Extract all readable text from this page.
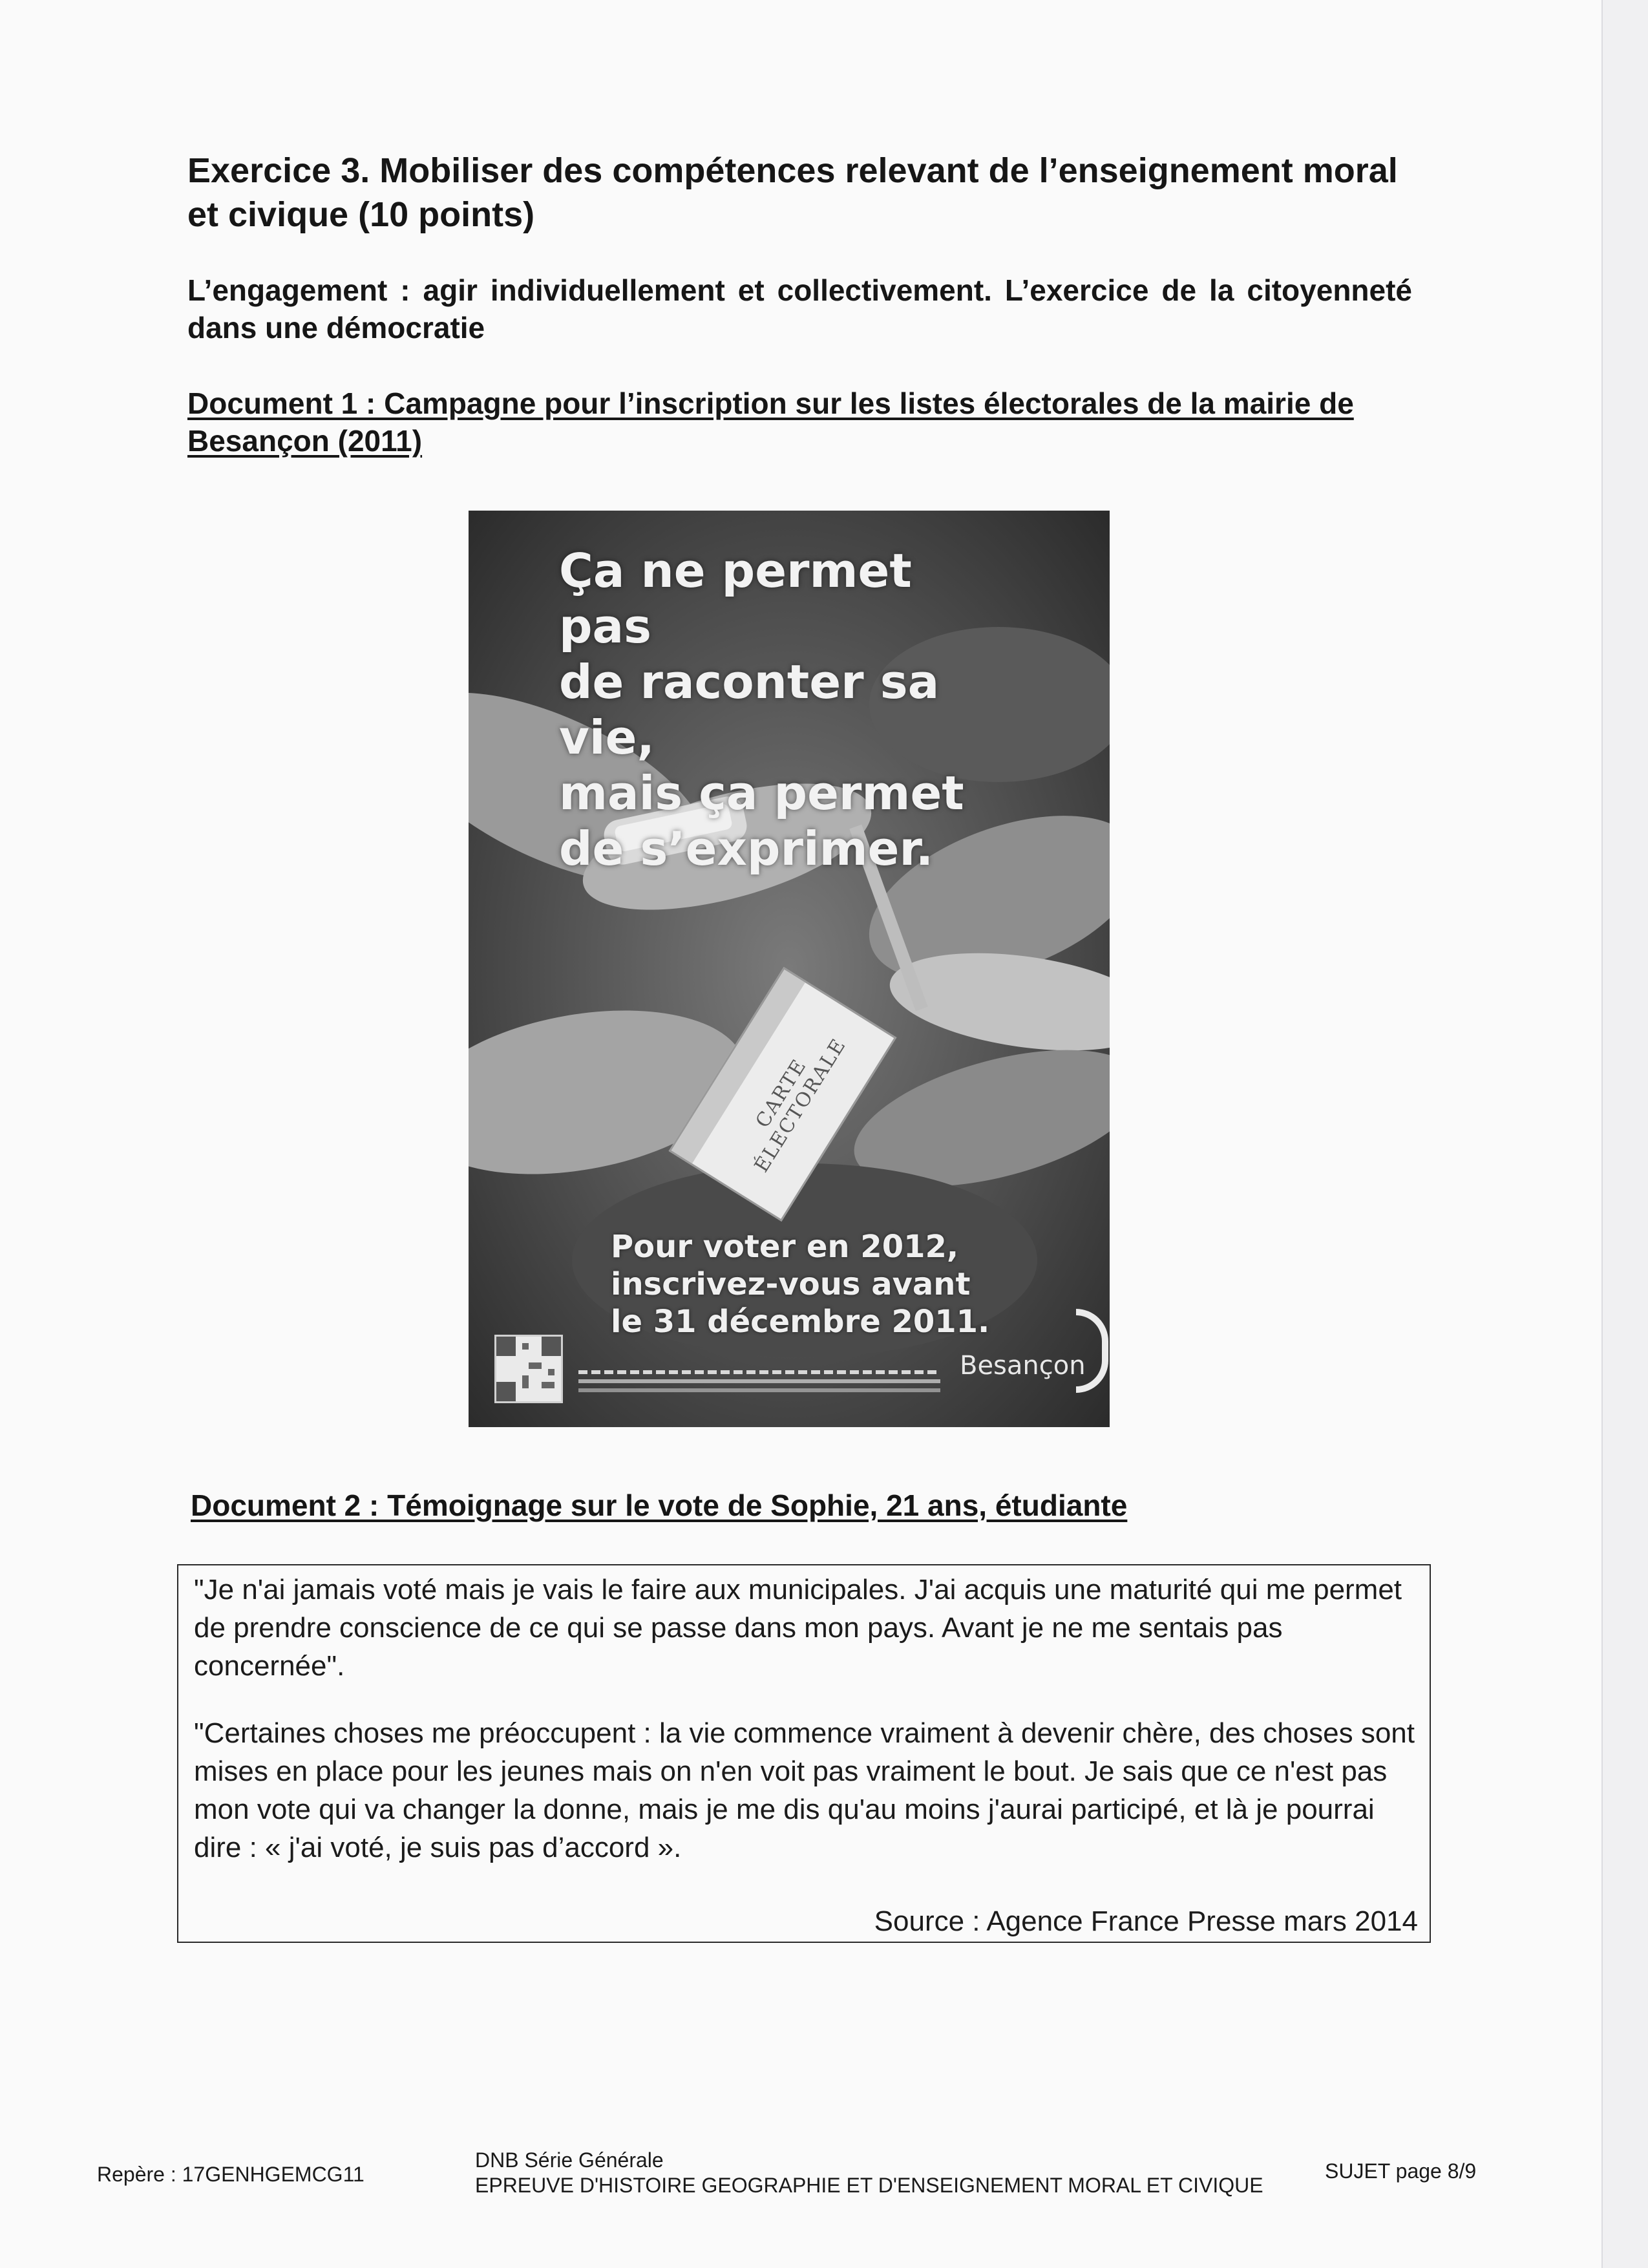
Exercice 3. Mobiliser des compétences relevant de l’enseignement moral et civique (10 points)
L’engagement : agir individuellement et collectivement. L’exercice de la citoyenneté dans une démocratie
Document 1 : Campagne pour l’inscription sur les listes électorales de la mairie de Besançon (2011)
Ça ne permet pas
de raconter sa vie,
mais ça permet
de s’exprimer.
CARTE ÉLECTORALE
Pour voter en 2012,
inscrivez-vous avant
le 31 décembre 2011.
Besançon
Document 2 : Témoignage sur le vote de Sophie, 21 ans, étudiante
"Je n'ai jamais voté mais je vais le faire aux municipales. J'ai acquis une maturité qui me permet de prendre conscience de ce qui se passe dans mon pays. Avant je ne me sentais pas concernée".
"Certaines choses me préoccupent : la vie commence vraiment à devenir chère, des choses sont mises en place pour les jeunes mais on n'en voit pas vraiment le bout. Je sais que ce n'est pas mon vote qui va changer la donne, mais je me dis qu'au moins j'aurai participé, et là je pourrai dire : « j'ai voté, je suis pas d’accord ».
Source : Agence France Presse mars 2014
Repère : 17GENHGEMCG11
DNB Série Générale
EPREUVE D'HISTOIRE GEOGRAPHIE ET D'ENSEIGNEMENT MORAL ET CIVIQUE
SUJET page 8/9
